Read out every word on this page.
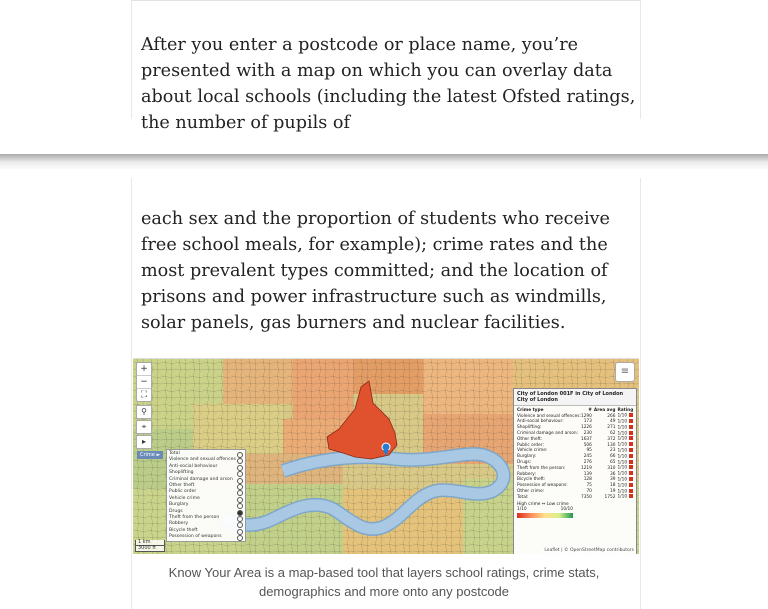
After you enter a postcode or place name, you’re presented with a map on which you can overlay data about local schools (including the latest Ofsted ratings, the number of pupils of

each sex and the proportion of students who receive free school meals, for example); crime rates and the most prevalent types committed; and the location of prisons and power infrastructure such as windmills, solar panels, gas burners and nuclear facilities.

+
−
⛶
⚲
⌖
▸
≡
Crime ►	Total
Violence and sexual offences
Anti-social behaviour
Shoplifting
Criminal damage and arson
Other theft
Public order
Vehicle crime
Burglary
Drugs
Theft from the person
Robbery
Bicycle theft
Possession of weapons
1 km
3000 ft
City of London 001F in City of London City of London
Crime type	#	Area avg	Rating
Violence and sexual offences:	1290	266	1/10
Anti-social behaviour:	173	49	1/10
Shoplifting:	1226	271	1/10
Criminal damage and arson:	230	62	1/10
Other theft:	1637	372	1/10
Public order:	506	130	1/10
Vehicle crime:	95	23	1/10
Burglary:	245	66	1/10
Drugs:	276	65	1/10
Theft from the person:	1219	310	1/10
Robbery:	139	36	1/10
Bicycle theft:	128	39	1/10
Possession of weapons:	75	18	1/10
Other crime:	70	19	1/10
Total:	7350	1752	1/10
High crime ⇔ Low crime
1/10	10/10
Leaflet | © OpenStreetMap contributors

Know Your Area is a map-based tool that layers school ratings, crime stats, demographics and more onto any postcode
